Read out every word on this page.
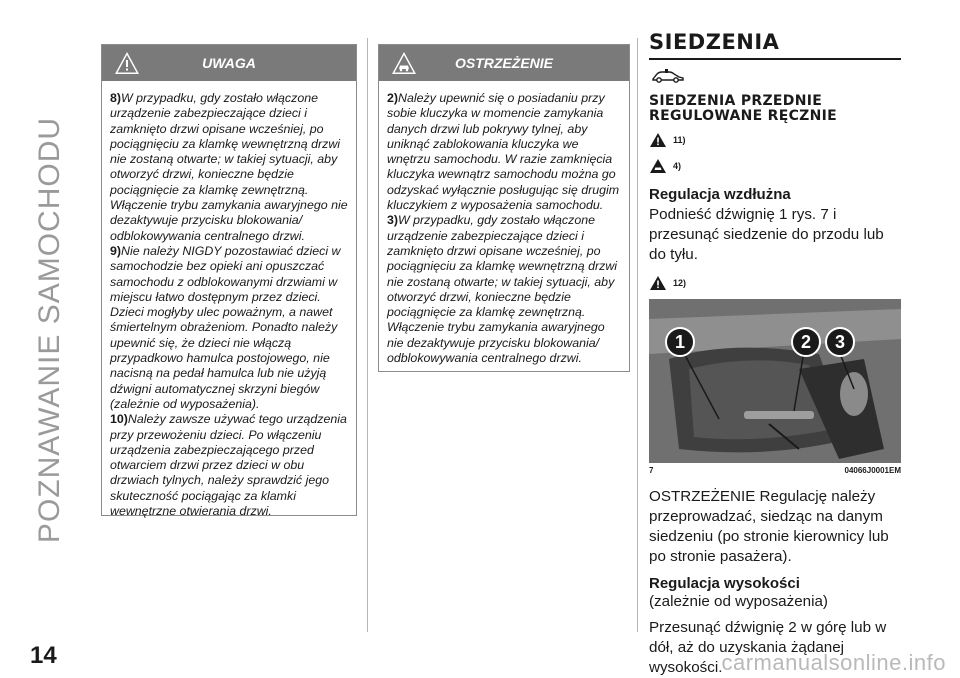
POZNAWANIE SAMOCHODU
14
UWAGA

8)W przypadku, gdy zostało włączone urządzenie zabezpieczające dzieci i zamknięto drzwi opisane wcześniej, po pociągnięciu za klamkę wewnętrzną drzwi nie zostaną otwarte; w takiej sytuacji, aby otworzyć drzwi, konieczne będzie pociągnięcie za klamkę zewnętrzną. Włączenie trybu zamykania awaryjnego nie dezaktywuje przycisku blokowania/ odblokowywania centralnego drzwi.

9)Nie należy NIGDY pozostawiać dzieci w samochodzie bez opieki ani opuszczać samochodu z odblokowanymi drzwiami w miejscu łatwo dostępnym przez dzieci. Dzieci mogłyby ulec poważnym, a nawet śmiertelnym obrażeniom. Ponadto należy upewnić się, że dzieci nie włączą przypadkowo hamulca postojowego, nie nacisną na pedał hamulca lub nie użyją dźwigni automatycznej skrzyni biegów (zależnie od wyposażenia).

10)Należy zawsze używać tego urządzenia przy przewożeniu dzieci. Po włączeniu urządzenia zabezpieczającego przed otwarciem drzwi przez dzieci w obu drzwiach tylnych, należy sprawdzić jego skuteczność pociągając za klamki wewnętrzne otwierania drzwi.

OSTRZEŻENIE

2)Należy upewnić się o posiadaniu przy sobie kluczyka w momencie zamykania danych drzwi lub pokrywy tylnej, aby uniknąć zablokowania kluczyka we wnętrzu samochodu. W razie zamknięcia kluczyka wewnątrz samochodu można go odzyskać wyłącznie posługując się drugim kluczykiem z wyposażenia samochodu.

3)W przypadku, gdy zostało włączone urządzenie zabezpieczające dzieci i zamknięto drzwi opisane wcześniej, po pociągnięciu za klamkę wewnętrzną drzwi nie zostaną otwarte; w takiej sytuacji, aby otworzyć drzwi, konieczne będzie pociągnięcie za klamkę zewnętrzną. Włączenie trybu zamykania awaryjnego nie dezaktywuje przycisku blokowania/ odblokowywania centralnego drzwi.

SIEDZENIA
SIEDZENIA PRZEDNIE REGULOWANE RĘCZNIE
11)
4)
Regulacja wzdłużna

Podnieść dźwignię 1 rys. 7 i przesunąć siedzenie do przodu lub do tyłu.

12)
1	2	3
7	04066J0001EM

OSTRZEŻENIE Regulację należy przeprowadzać, siedząc na danym siedzeniu (po stronie kierownicy lub po stronie pasażera).

Regulacja wysokości

(zależnie od wyposażenia)

Przesunąć dźwignię 2 w górę lub w dół, aż do uzyskania żądanej wysokości. carmanualsonline.info
